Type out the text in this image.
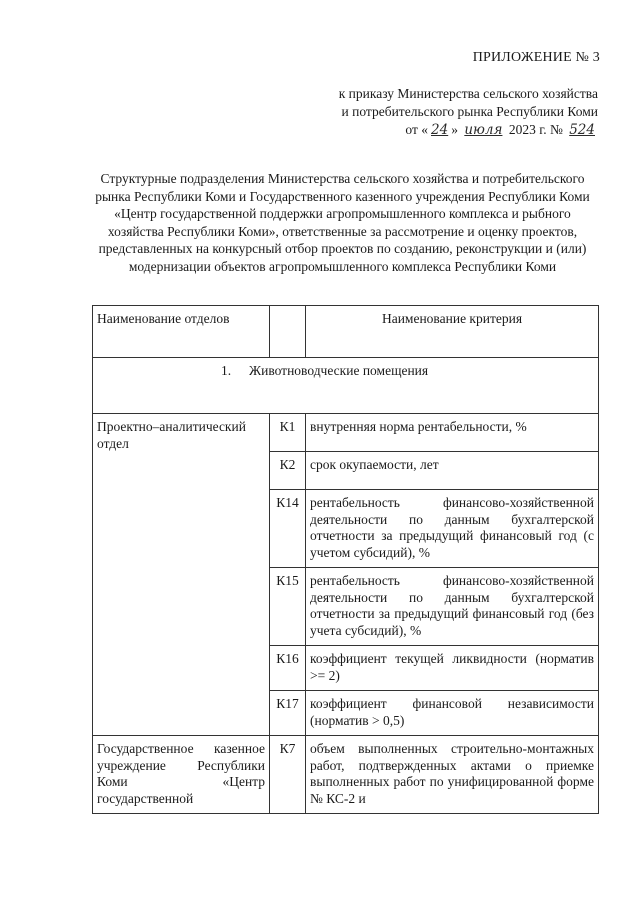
ПРИЛОЖЕНИЕ № 3
к приказу Министерства сельского хозяйства
и потребительского рынка Республики Коми
от « 24 » июля 2023 г. № 524
Структурные подразделения Министерства сельского хозяйства и потребительского рынка Республики Коми и Государственного казенного учреждения Республики Коми «Центр государственной поддержки агропромышленного комплекса и рыбного хозяйства Республики Коми», ответственные за рассмотрение и оценку проектов, представленных на конкурсный отбор проектов по созданию, реконструкции и (или) модернизации объектов агропромышленного комплекса Республики Коми
Наименование отделов		Наименование критерия
1. Животноводческие помещения		
Проектно–аналитический отдел	К1	внутренняя норма рентабельности, %
	К2	срок окупаемости, лет
	К14	рентабельность финансово-хозяйственной деятельности по данным бухгалтерской отчетности за предыдущий финансовый год (с учетом субсидий), %
	К15	рентабельность финансово-хозяйственной деятельности по данным бухгалтерской отчетности за предыдущий финансовый год (без учета субсидий), %
	К16	коэффициент текущей ликвидности (норматив >= 2)
	К17	коэффициент финансовой независимости (норматив > 0,5)
Государственное казенное учреждение Республики Коми «Центр государственной	К7	объем выполненных строительно-монтажных работ, подтвержденных актами о приемке выполненных работ по унифицированной форме № КС-2 и
